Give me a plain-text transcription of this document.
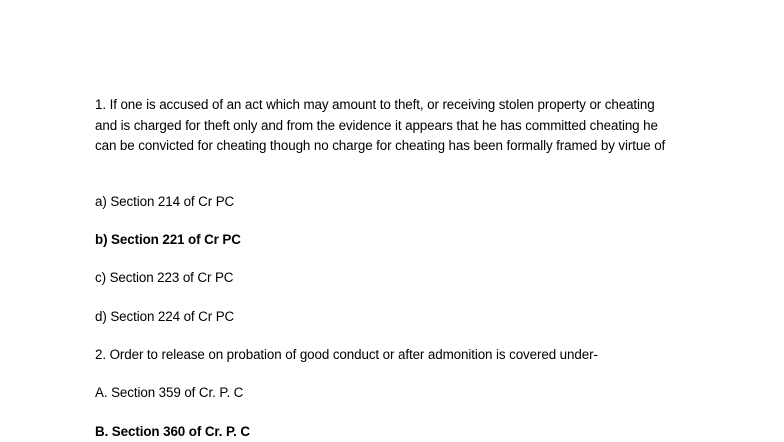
1. If one is accused of an act which may amount to theft, or receiving stolen property or cheating and is charged for theft only and from the evidence it appears that he has committed cheating he can be convicted for cheating though no charge for cheating has been formally framed by virtue of

a) Section 214 of Cr PC

b) Section 221 of Cr PC

c) Section 223 of Cr PC

d) Section 224 of Cr PC

2. Order to release on probation of good conduct or after admonition is covered under-

A. Section 359 of Cr. P. C

B. Section 360 of Cr. P. C
